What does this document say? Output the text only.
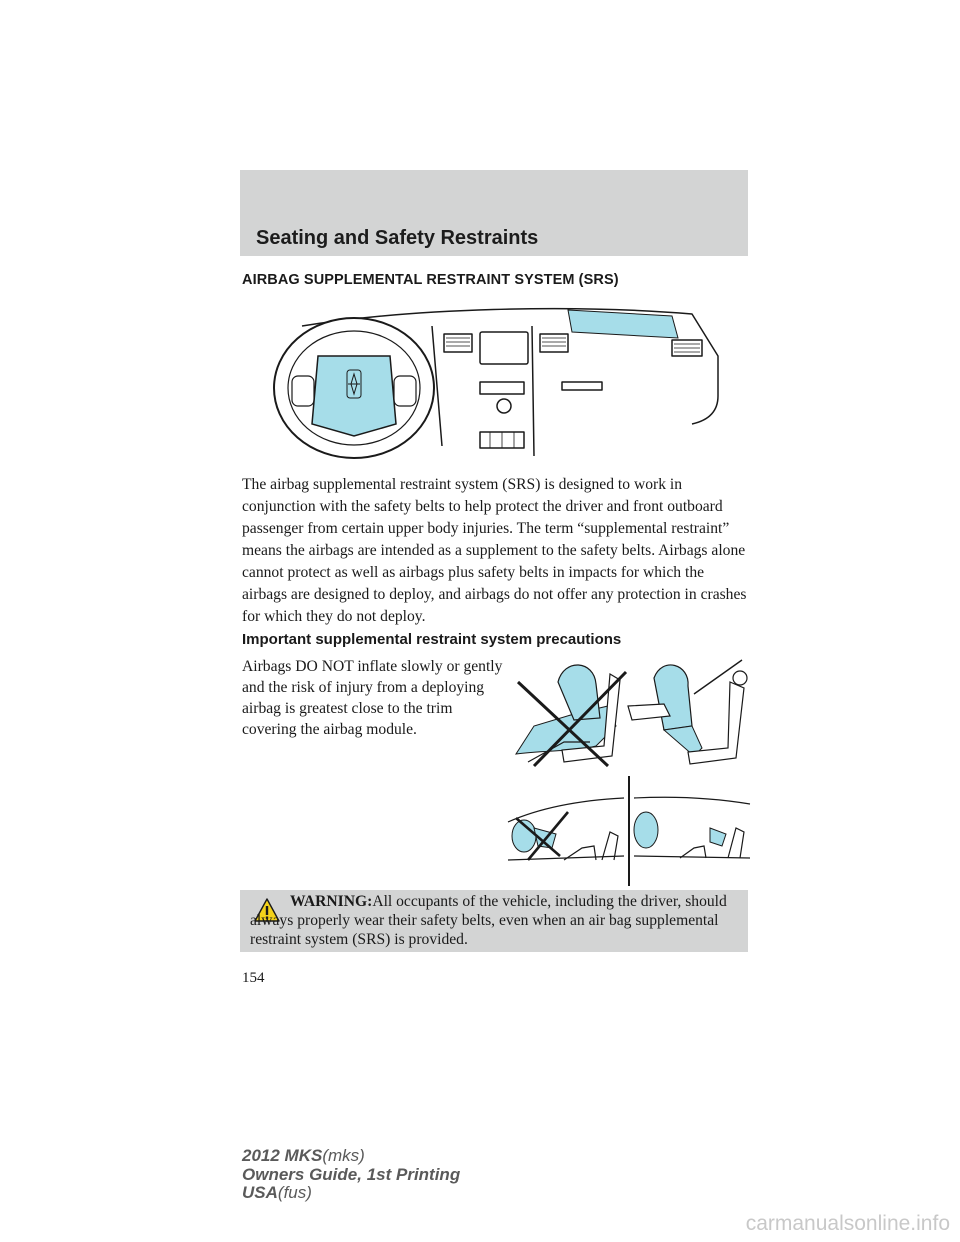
Seating and Safety Restraints
AIRBAG SUPPLEMENTAL RESTRAINT SYSTEM (SRS)

The airbag supplemental restraint system (SRS) is designed to work in conjunction with the safety belts to help protect the driver and front outboard passenger from certain upper body injuries. The term “supplemental restraint” means the airbags are intended as a supplement to the safety belts. Airbags alone cannot protect as well as airbags plus safety belts in impacts for which the airbags are designed to deploy, and airbags do not offer any protection in crashes for which they do not deploy.

Important supplemental restraint system precautions

Airbags DO NOT inflate slowly or gently and the risk of injury from a deploying airbag is greatest close to the trim covering the airbag module.

WARNING:All occupants of the vehicle, including the driver, should always properly wear their safety belts, even when an air bag supplemental restraint system (SRS) is provided.

154

2012 MKS(mks)
Owners Guide, 1st Printing
USA(fus)
carmanualsonline.info
